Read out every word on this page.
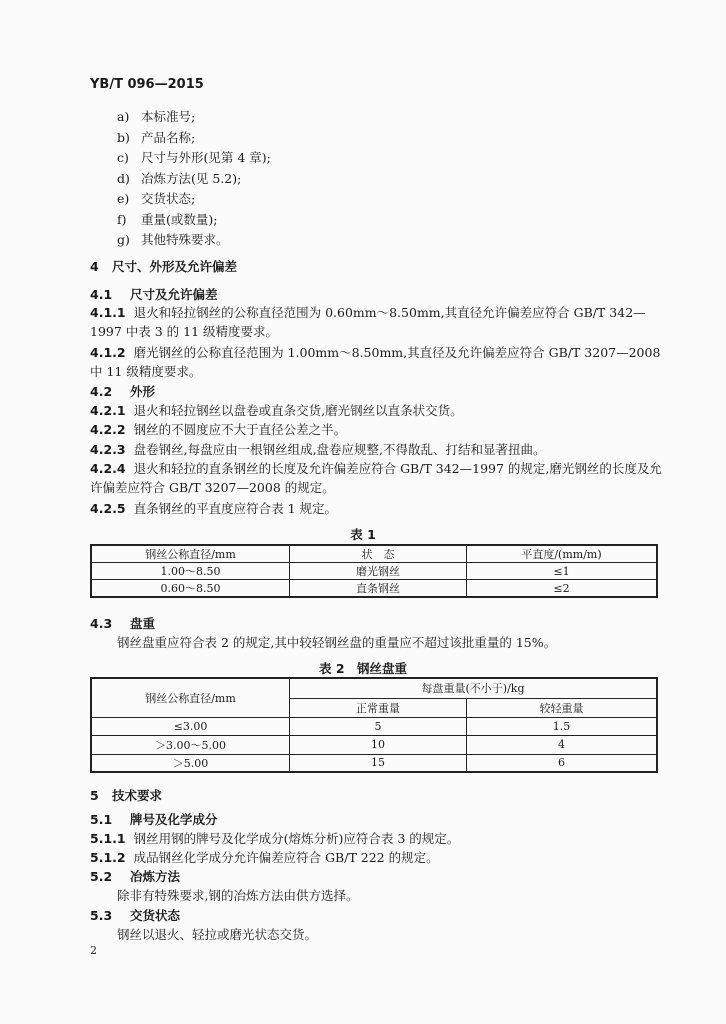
YB/T 096—2015
a) 本标准号;
b) 产品名称;
c) 尺寸与外形(见第 4 章);
d) 冶炼方法(见 5.2);
e) 交货状态;
f) 重量(或数量);
g) 其他特殊要求。
4 尺寸、外形及允许偏差
4.1 尺寸及允许偏差
4.1.1 退火和轻拉钢丝的公称直径范围为 0.60mm～8.50mm,其直径允许偏差应符合 GB/T 342—1997 中表 3 的 11 级精度要求。
4.1.2 磨光钢丝的公称直径范围为 1.00mm～8.50mm,其直径及允许偏差应符合 GB/T 3207—2008 中 11 级精度要求。
4.2 外形
4.2.1 退火和轻拉钢丝以盘卷或直条交货,磨光钢丝以直条状交货。
4.2.2 钢丝的不圆度应不大于直径公差之半。
4.2.3 盘卷钢丝,每盘应由一根钢丝组成,盘卷应规整,不得散乱、打结和显著扭曲。
4.2.4 退火和轻拉的直条钢丝的长度及允许偏差应符合 GB/T 342—1997 的规定,磨光钢丝的长度及允许偏差应符合 GB/T 3207—2008 的规定。
4.2.5 直条钢丝的平直度应符合表 1 规定。
表 1
钢丝公称直径/mm	状　态	平直度/(mm/m)
1.00～8.50	磨光钢丝	≤1
0.60～8.50	直条钢丝	≤2
4.3 盘重
钢丝盘重应符合表 2 的规定,其中较轻钢丝盘的重量应不超过该批重量的 15%。
表 2　钢丝盘重
钢丝公称直径/mm	每盘重量(不小于)/kg	
	正常重量	较轻重量
≤3.00	5	1.5
＞3.00～5.00	10	4
＞5.00	15	6
5 技术要求
5.1 牌号及化学成分
5.1.1 钢丝用钢的牌号及化学成分(熔炼分析)应符合表 3 的规定。
5.1.2 成品钢丝化学成分允许偏差应符合 GB/T 222 的规定。
5.2 冶炼方法
除非有特殊要求,钢的冶炼方法由供方选择。
5.3 交货状态
钢丝以退火、轻拉或磨光状态交货。
2
